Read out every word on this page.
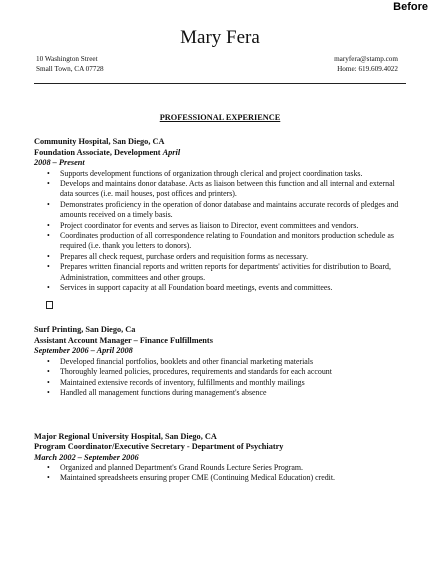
Before
Mary Fera
10 Washington Street
Small Town, CA 07728
maryfera@stamp.com
Home: 619.609.4022
PROFESSIONAL EXPERIENCE
Community Hospital, San Diego, CA
Foundation Associate, Development April
2008 – Present
• Supports development functions of organization through clerical and project coordination tasks.
• Develops and maintains donor database. Acts as liaison between this function and all internal and external data sources (i.e. mail houses, post offices and printers).
• Demonstrates proficiency in the operation of donor database and maintains accurate records of pledges and amounts received on a timely basis.
• Project coordinator for events and serves as liaison to Director, event committees and vendors.
• Coordinates production of all correspondence relating to Foundation and monitors production schedule as required (i.e. thank you letters to donors).
• Prepares all check request, purchase orders and requisition forms as necessary.
• Prepares written financial reports and written reports for departments' activities for distribution to Board, Administration, committees and other groups.
• Services in support capacity at all Foundation board meetings, events and committees.
Surf Printing, San Diego, Ca
Assistant Account Manager – Finance Fulfillments
September 2006 – April 2008
• Developed financial portfolios, booklets and other financial marketing materials
• Thoroughly learned policies, procedures, requirements and standards for each account
• Maintained extensive records of inventory, fulfillments and monthly mailings
• Handled all management functions during management's absence
Major Regional University Hospital, San Diego, CA
Program Coordinator/Executive Secretary - Department of Psychiatry
March 2002 – September 2006
• Organized and planned Department's Grand Rounds Lecture Series Program.
• Maintained spreadsheets ensuring proper CME (Continuing Medical Education) credit.
